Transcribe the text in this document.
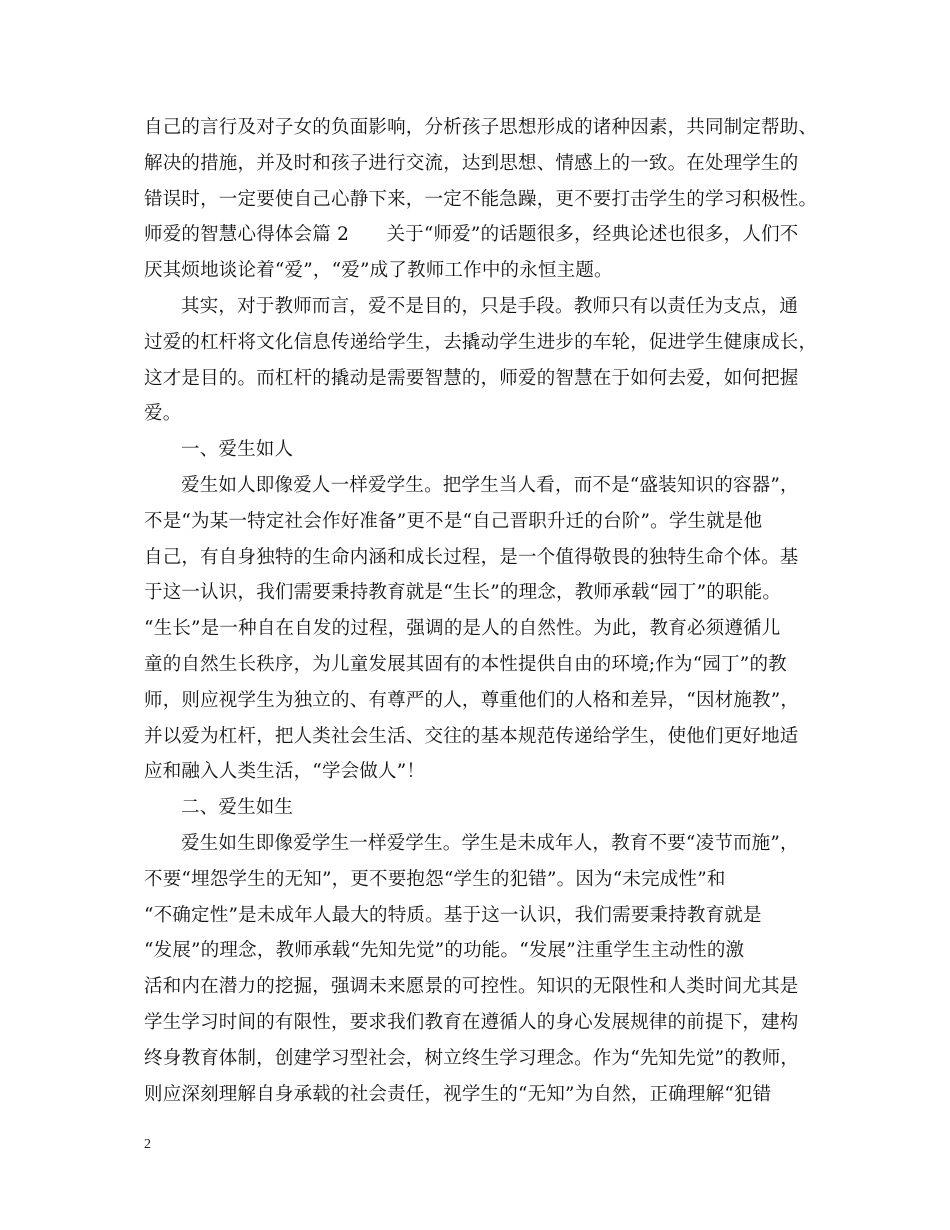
自己的言行及对子女的负面影响，分析孩子思想形成的诸种因素，共同制定帮助、
解决的措施，并及时和孩子进行交流，达到思想、情感上的一致。在处理学生的
错误时，一定要使自己心静下来，一定不能急躁，更不要打击学生的学习积极性。
师爱的智慧心得体会篇 2　　关于“师爱”的话题很多，经典论述也很多，人们不
厌其烦地谈论着“爱”，“爱”成了教师工作中的永恒主题。
其实，对于教师而言，爱不是目的，只是手段。教师只有以责任为支点，通
过爱的杠杆将文化信息传递给学生，去撬动学生进步的车轮，促进学生健康成长，
这才是目的。而杠杆的撬动是需要智慧的，师爱的智慧在于如何去爱，如何把握
爱。
一、爱生如人
爱生如人即像爱人一样爱学生。把学生当人看，而不是“盛装知识的容器”，
不是“为某一特定社会作好准备”更不是“自己晋职升迁的台阶”。学生就是他
自己，有自身独特的生命内涵和成长过程，是一个值得敬畏的独特生命个体。基
于这一认识，我们需要秉持教育就是“生长”的理念，教师承载“园丁”的职能。
“生长”是一种自在自发的过程，强调的是人的自然性。为此，教育必须遵循儿
童的自然生长秩序，为儿童发展其固有的本性提供自由的环境;作为“园丁”的教
师，则应视学生为独立的、有尊严的人，尊重他们的人格和差异，“因材施教”，
并以爱为杠杆，把人类社会生活、交往的基本规范传递给学生，使他们更好地适
应和融入人类生活，“学会做人”！
二、爱生如生
爱生如生即像爱学生一样爱学生。学生是未成年人，教育不要“凌节而施”，
不要“埋怨学生的无知”，更不要抱怨“学生的犯错”。因为“未完成性”和
“不确定性”是未成年人最大的特质。基于这一认识，我们需要秉持教育就是
“发展”的理念，教师承载“先知先觉”的功能。“发展”注重学生主动性的激
活和内在潜力的挖掘，强调未来愿景的可控性。知识的无限性和人类时间尤其是
学生学习时间的有限性，要求我们教育在遵循人的身心发展规律的前提下，建构
终身教育体制，创建学习型社会，树立终生学习理念。作为“先知先觉”的教师，
则应深刻理解自身承载的社会责任，视学生的“无知”为自然，正确理解“犯错
2
